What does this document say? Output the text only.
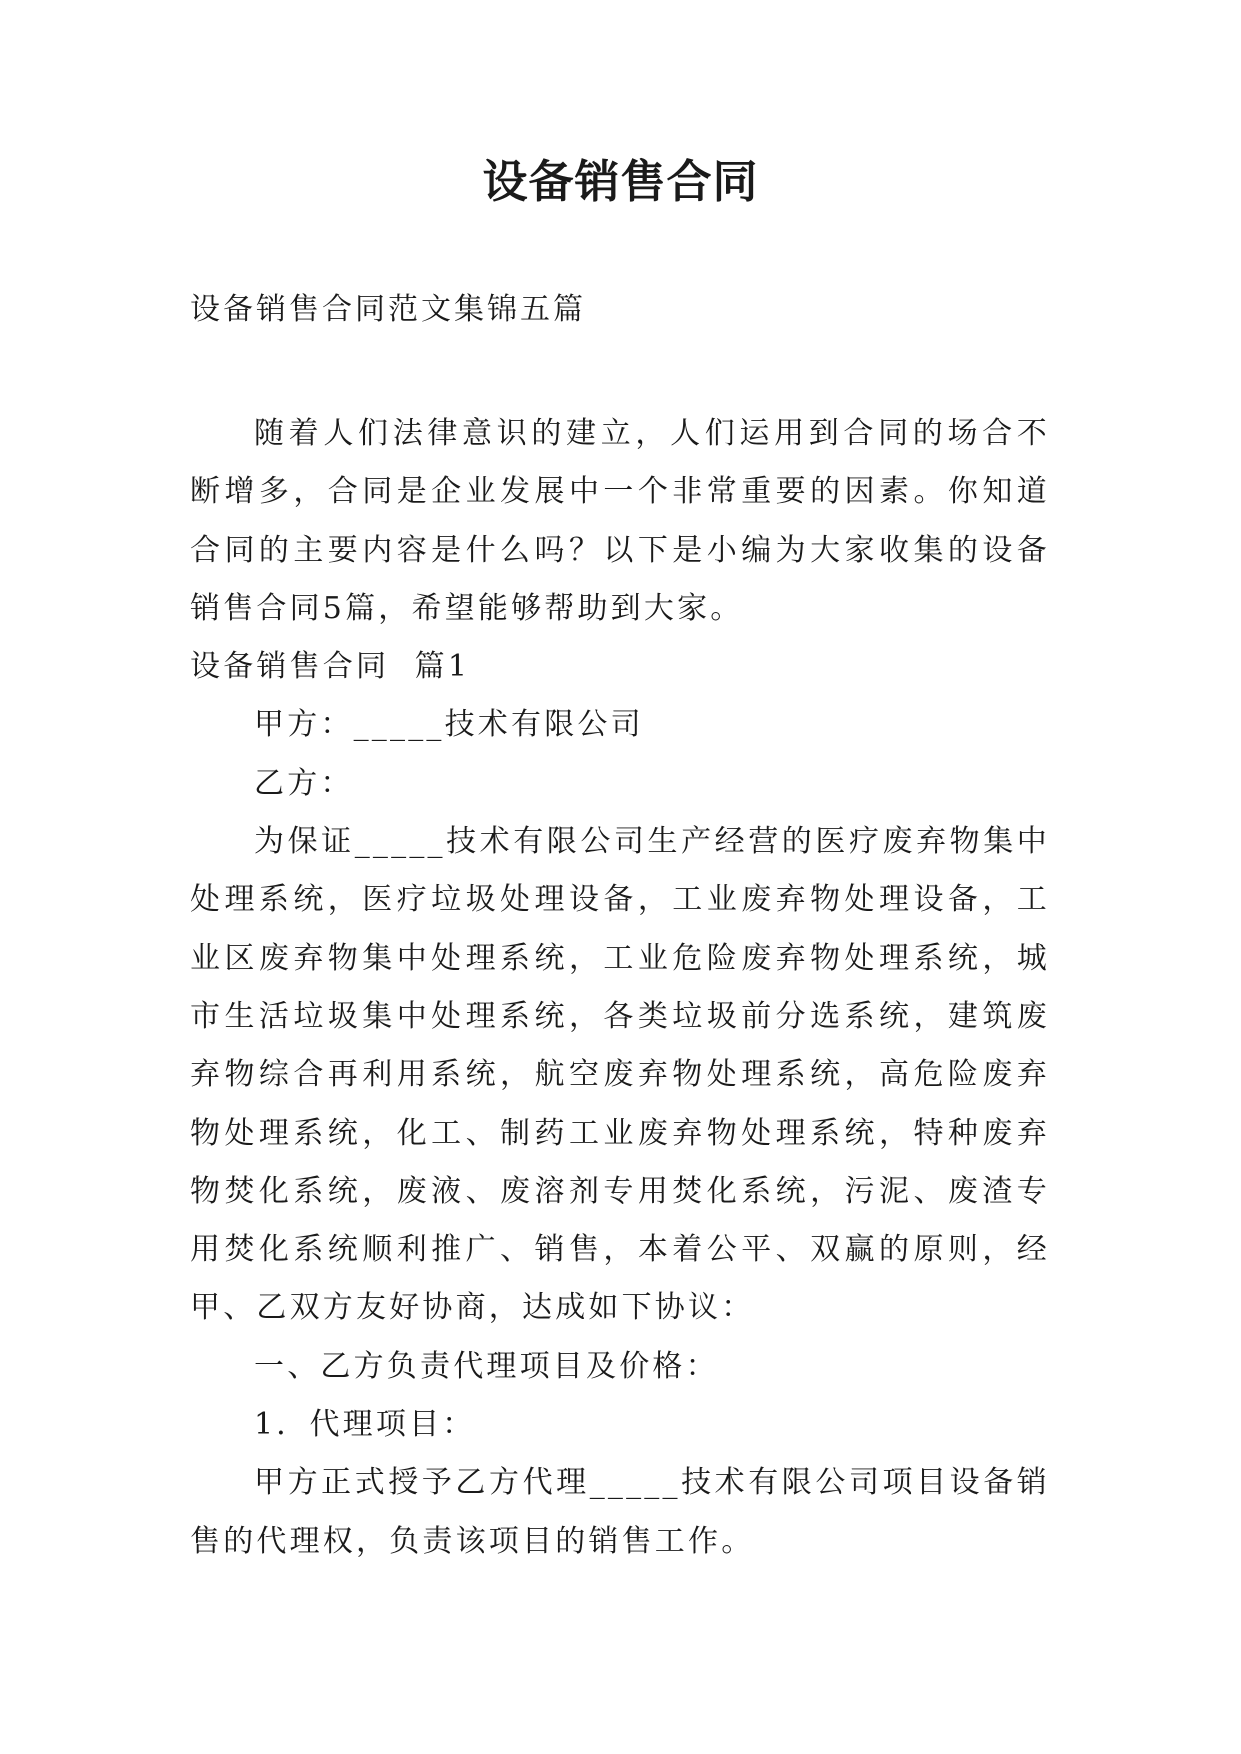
设备销售合同
设备销售合同范文集锦五篇

随着人们法律意识的建立，人们运用到合同的场合不断增多，合同是企业发展中一个非常重要的因素。你知道合同的主要内容是什么吗？以下是小编为大家收集的设备销售合同5篇，希望能够帮助到大家。

设备销售合同  篇1

甲方：_____技术有限公司

乙方：

为保证_____技术有限公司生产经营的医疗废弃物集中处理系统，医疗垃圾处理设备，工业废弃物处理设备，工业区废弃物集中处理系统，工业危险废弃物处理系统，城市生活垃圾集中处理系统，各类垃圾前分选系统，建筑废弃物综合再利用系统，航空废弃物处理系统，高危险废弃物处理系统，化工、制药工业废弃物处理系统，特种废弃物焚化系统，废液、废溶剂专用焚化系统，污泥、废渣专用焚化系统顺利推广、销售，本着公平、双赢的原则，经甲、乙双方友好协商，达成如下协议：

一、乙方负责代理项目及价格：

1．代理项目：

甲方正式授予乙方代理_____技术有限公司项目设备销售的代理权，负责该项目的销售工作。
